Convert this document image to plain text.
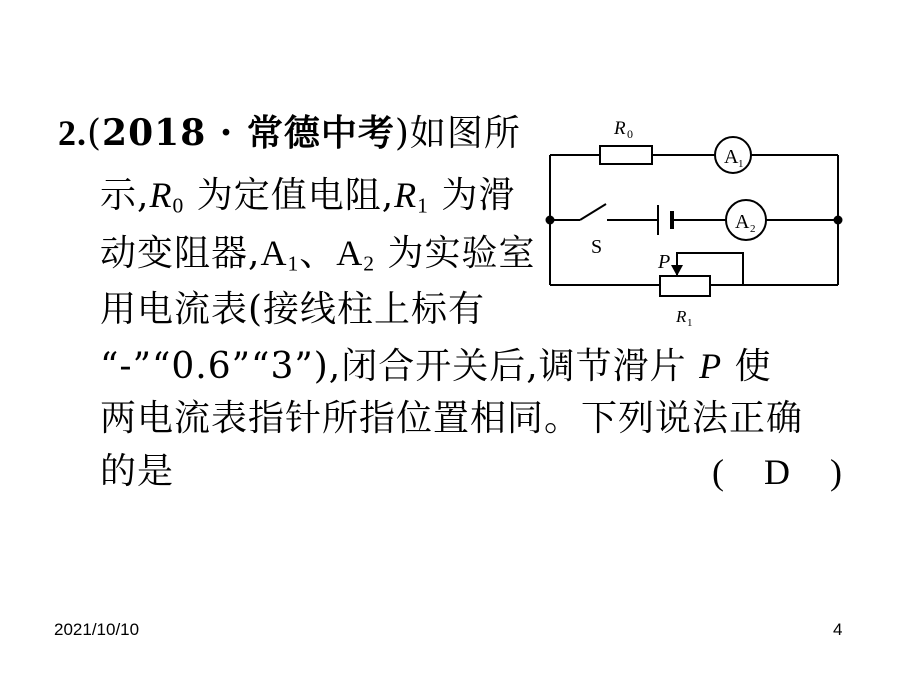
2.(2018 · 常德中考)如图所
示$,R_0$ 为定值电阻$,R_1$ 为滑
动变阻器$,A_1$、$A_2$ 为实验室
用电流表(接线柱上标有
“-”“0.6”“3”),闭合开关后,调节滑片 P 使
两电流表指针所指位置相同。下列说法正确
的是	( D )
R 0
A 1
S
A 2
P
R 1
2021/10/10	4
